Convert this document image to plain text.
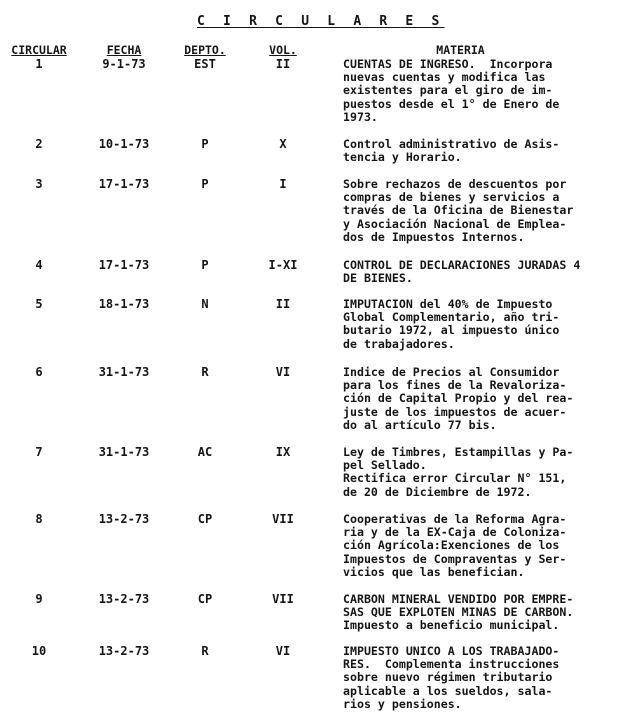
C I R C U L A R E S
CIRCULAR	FECHA	DEPTO.	VOL.	MATERIA
1	9-1-73	EST	II	CUENTAS DE INGRESO.  Incorpora
nuevas cuentas y modifica las
existentes para el giro de im-
puestos desde el 1° de Enero de
1973.
2	10-1-73	P	X	Control administrativo de Asis-
tencia y Horario.
3	17-1-73	P	I	Sobre rechazos de descuentos por
compras de bienes y servicios a
través de la Oficina de Bienestar
y Asociación Nacional de Emplea-
dos de Impuestos Internos.
4	17-1-73	P	I-XI	CONTROL DE DECLARACIONES JURADAS 4
DE BIENES.
5	18-1-73	N	II	IMPUTACION del 40% de Impuesto
Global Complementario, año tri-
butario 1972, al impuesto único
de trabajadores.
6	31-1-73	R	VI	Indice de Precios al Consumidor
para los fines de la Revaloriza-
ción de Capital Propio y del rea-
juste de los impuestos de acuer-
do al artículo 77 bis.
7	31-1-73	AC	IX	Ley de Timbres, Estampillas y Pa-
pel Sellado.
Rectifica error Circular N° 151,
de 20 de Diciembre de 1972.
8	13-2-73	CP	VII	Cooperativas de la Reforma Agra-
ria y de la EX-Caja de Coloniza-
ción Agrícola:Exenciones de los
Impuestos de Compraventas y Ser-
vicios que las benefician.
9	13-2-73	CP	VII	CARBON MINERAL VENDIDO POR EMPRE-
SAS QUE EXPLOTEN MINAS DE CARBON.
Impuesto a beneficio municipal.
10	13-2-73	R	VI	IMPUESTO UNICO A LOS TRABAJADO-
RES.  Complementa instrucciones
sobre nuevo régimen tributario
aplicable a los sueldos, sala-
rios y pensiones.
